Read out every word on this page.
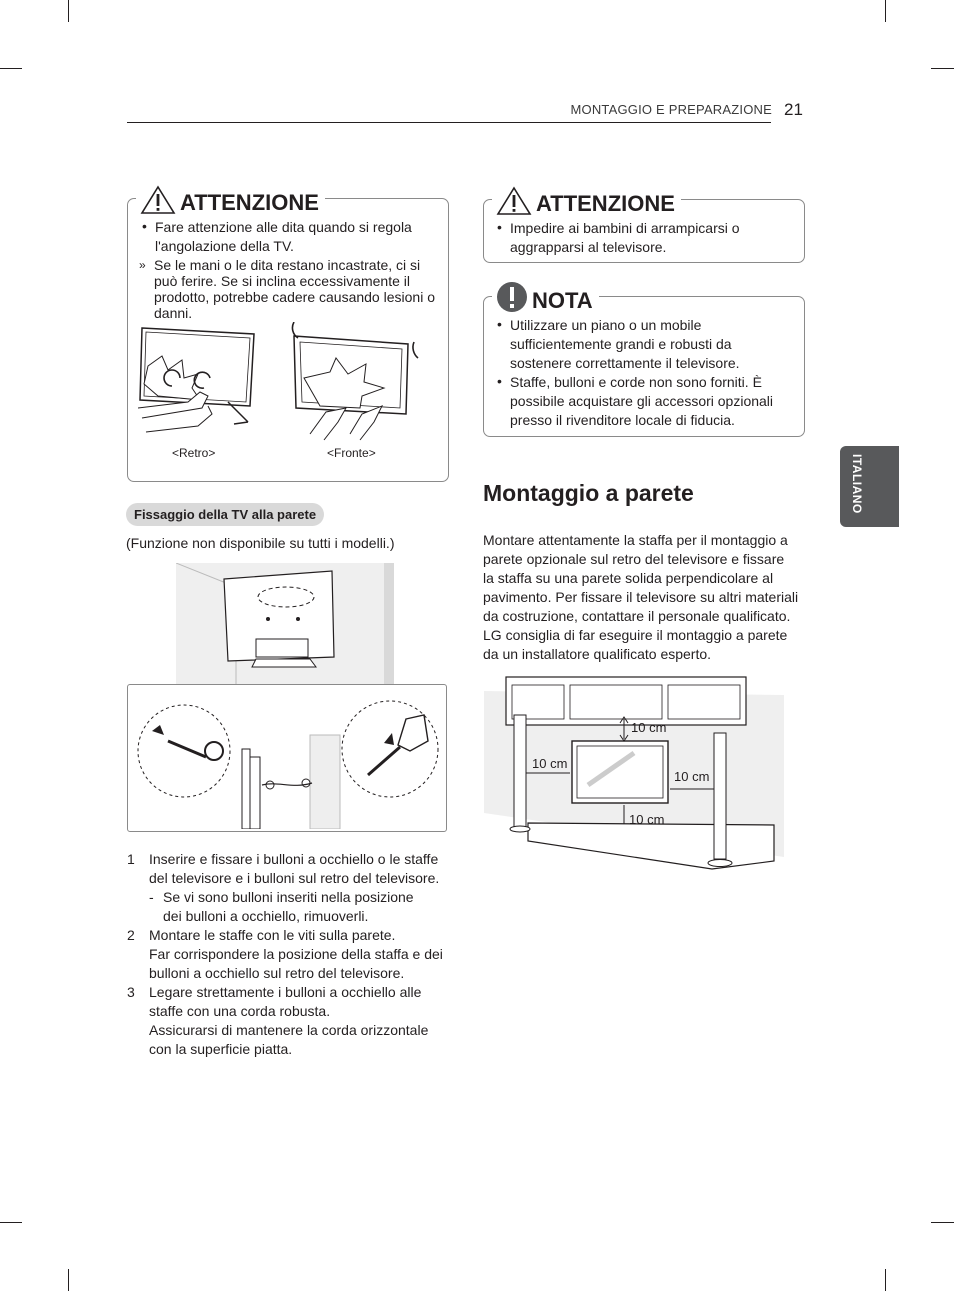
MONTAGGIO E PREPARAZIONE 21
ITALIANO
ATTENZIONE
• Fare attenzione alle dita quando si regola
l'angolazione della TV.
» Se le mani o le dita restano incastrate, ci si
può ferire. Se si inclina eccessivamente il
prodotto, potrebbe cadere causando lesioni o
danni.
<Retro>	<Fronte>
Fissaggio della TV alla parete
(Funzione non disponibile su tutti i modelli.)
1 Inserire e fissare i bulloni a occhiello o le staffe
del televisore e i bulloni sul retro del televisore.
- Se vi sono bulloni inseriti nella posizione
dei bulloni a occhiello, rimuoverli.
2 Montare le staffe con le viti sulla parete.
Far corrispondere la posizione della staffa e dei
bulloni a occhiello sul retro del televisore.
3 Legare strettamente i bulloni a occhiello alle
staffe con una corda robusta.
Assicurarsi di mantenere la corda orizzontale
con la superficie piatta.
ATTENZIONE
• Impedire ai bambini di arrampicarsi o
aggrapparsi al televisore.
NOTA
• Utilizzare un piano o un mobile
sufficientemente grandi e robusti da
sostenere correttamente il televisore.
• Staffe, bulloni e corde non sono forniti. È
possibile acquistare gli accessori opzionali
presso il rivenditore locale di fiducia.
Montaggio a parete
Montare attentamente la staffa per il montaggio a
parete opzionale sul retro del televisore e fissare
la staffa su una parete solida perpendicolare al
pavimento. Per fissare il televisore su altri materiali
da costruzione, contattare il personale qualificato.
LG consiglia di far eseguire il montaggio a parete
da un installatore qualificato esperto.
10 cm
10 cm
10 cm
10 cm
